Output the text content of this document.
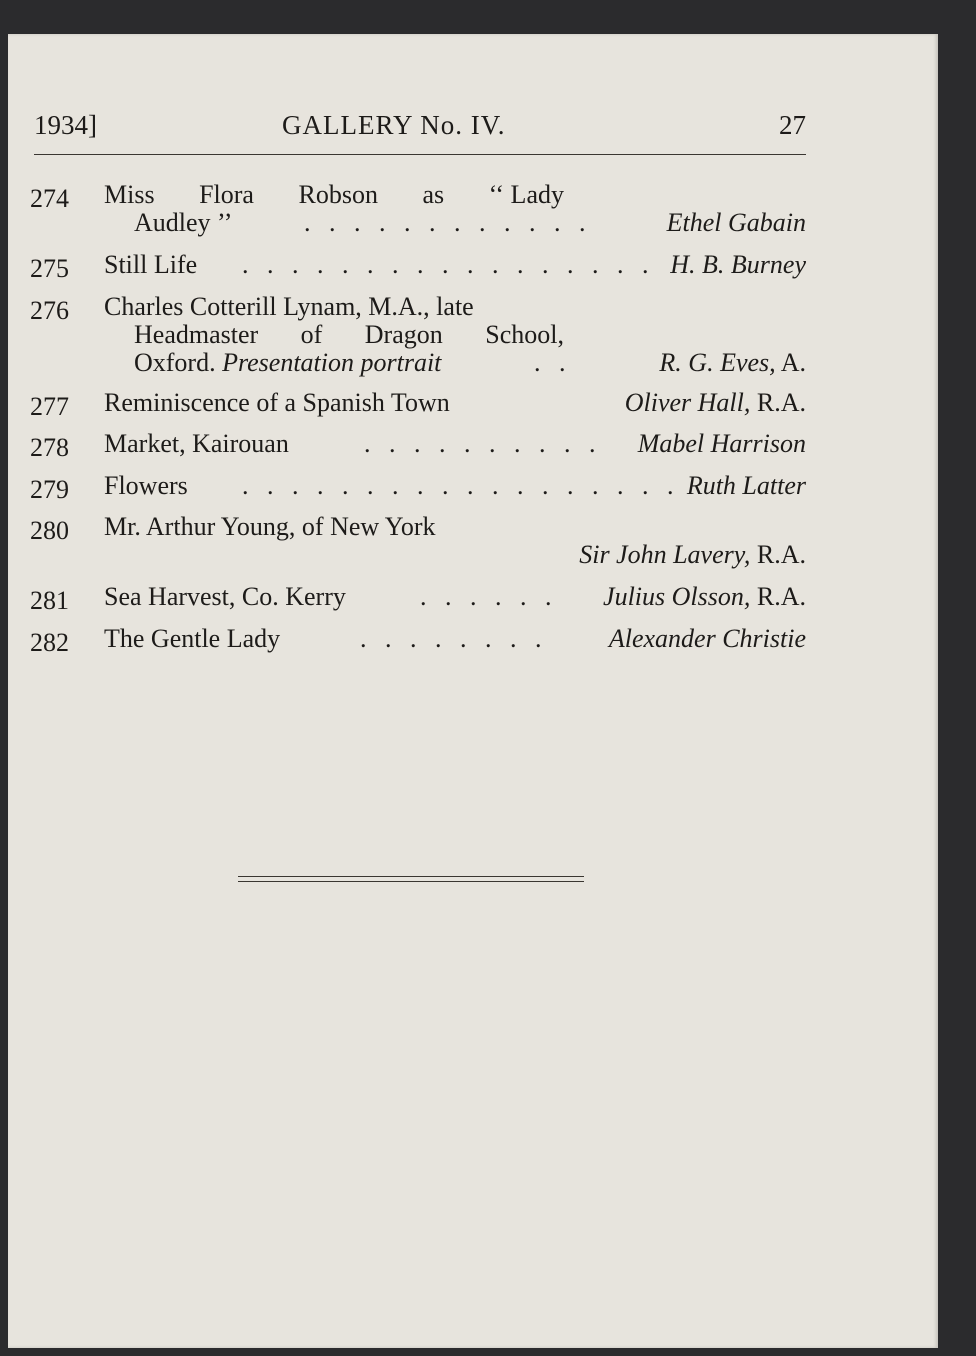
1934]	GALLERY No. IV.	27
274 Miss Flora Robson as ‘‘ Lady
Audley ’’	. . . . . . . . . . . .	Ethel Gabain
275 Still Life . . . . . . . . . . . . . . . . . H. B. Burney
276 Charles Cotterill Lynam, M.A., late
Headmaster of Dragon School,
Oxford. Presentation portrait	. .	R. G. Eves, A.
277 Reminiscence of a Spanish Town	Oliver Hall, R.A.
278 Market, Kairouan	. . . . . . . . . . Mabel Harrison
279 Flowers . . . . . . . . . . . . . . . . . . Ruth Latter
280 Mr. Arthur Young, of New York
Sir John Lavery, R.A.
281 Sea Harvest, Co. Kerry	. . . . . . Julius Olsson, R.A.
282 The Gentle Lady	. . . . . . . . Alexander Christie
